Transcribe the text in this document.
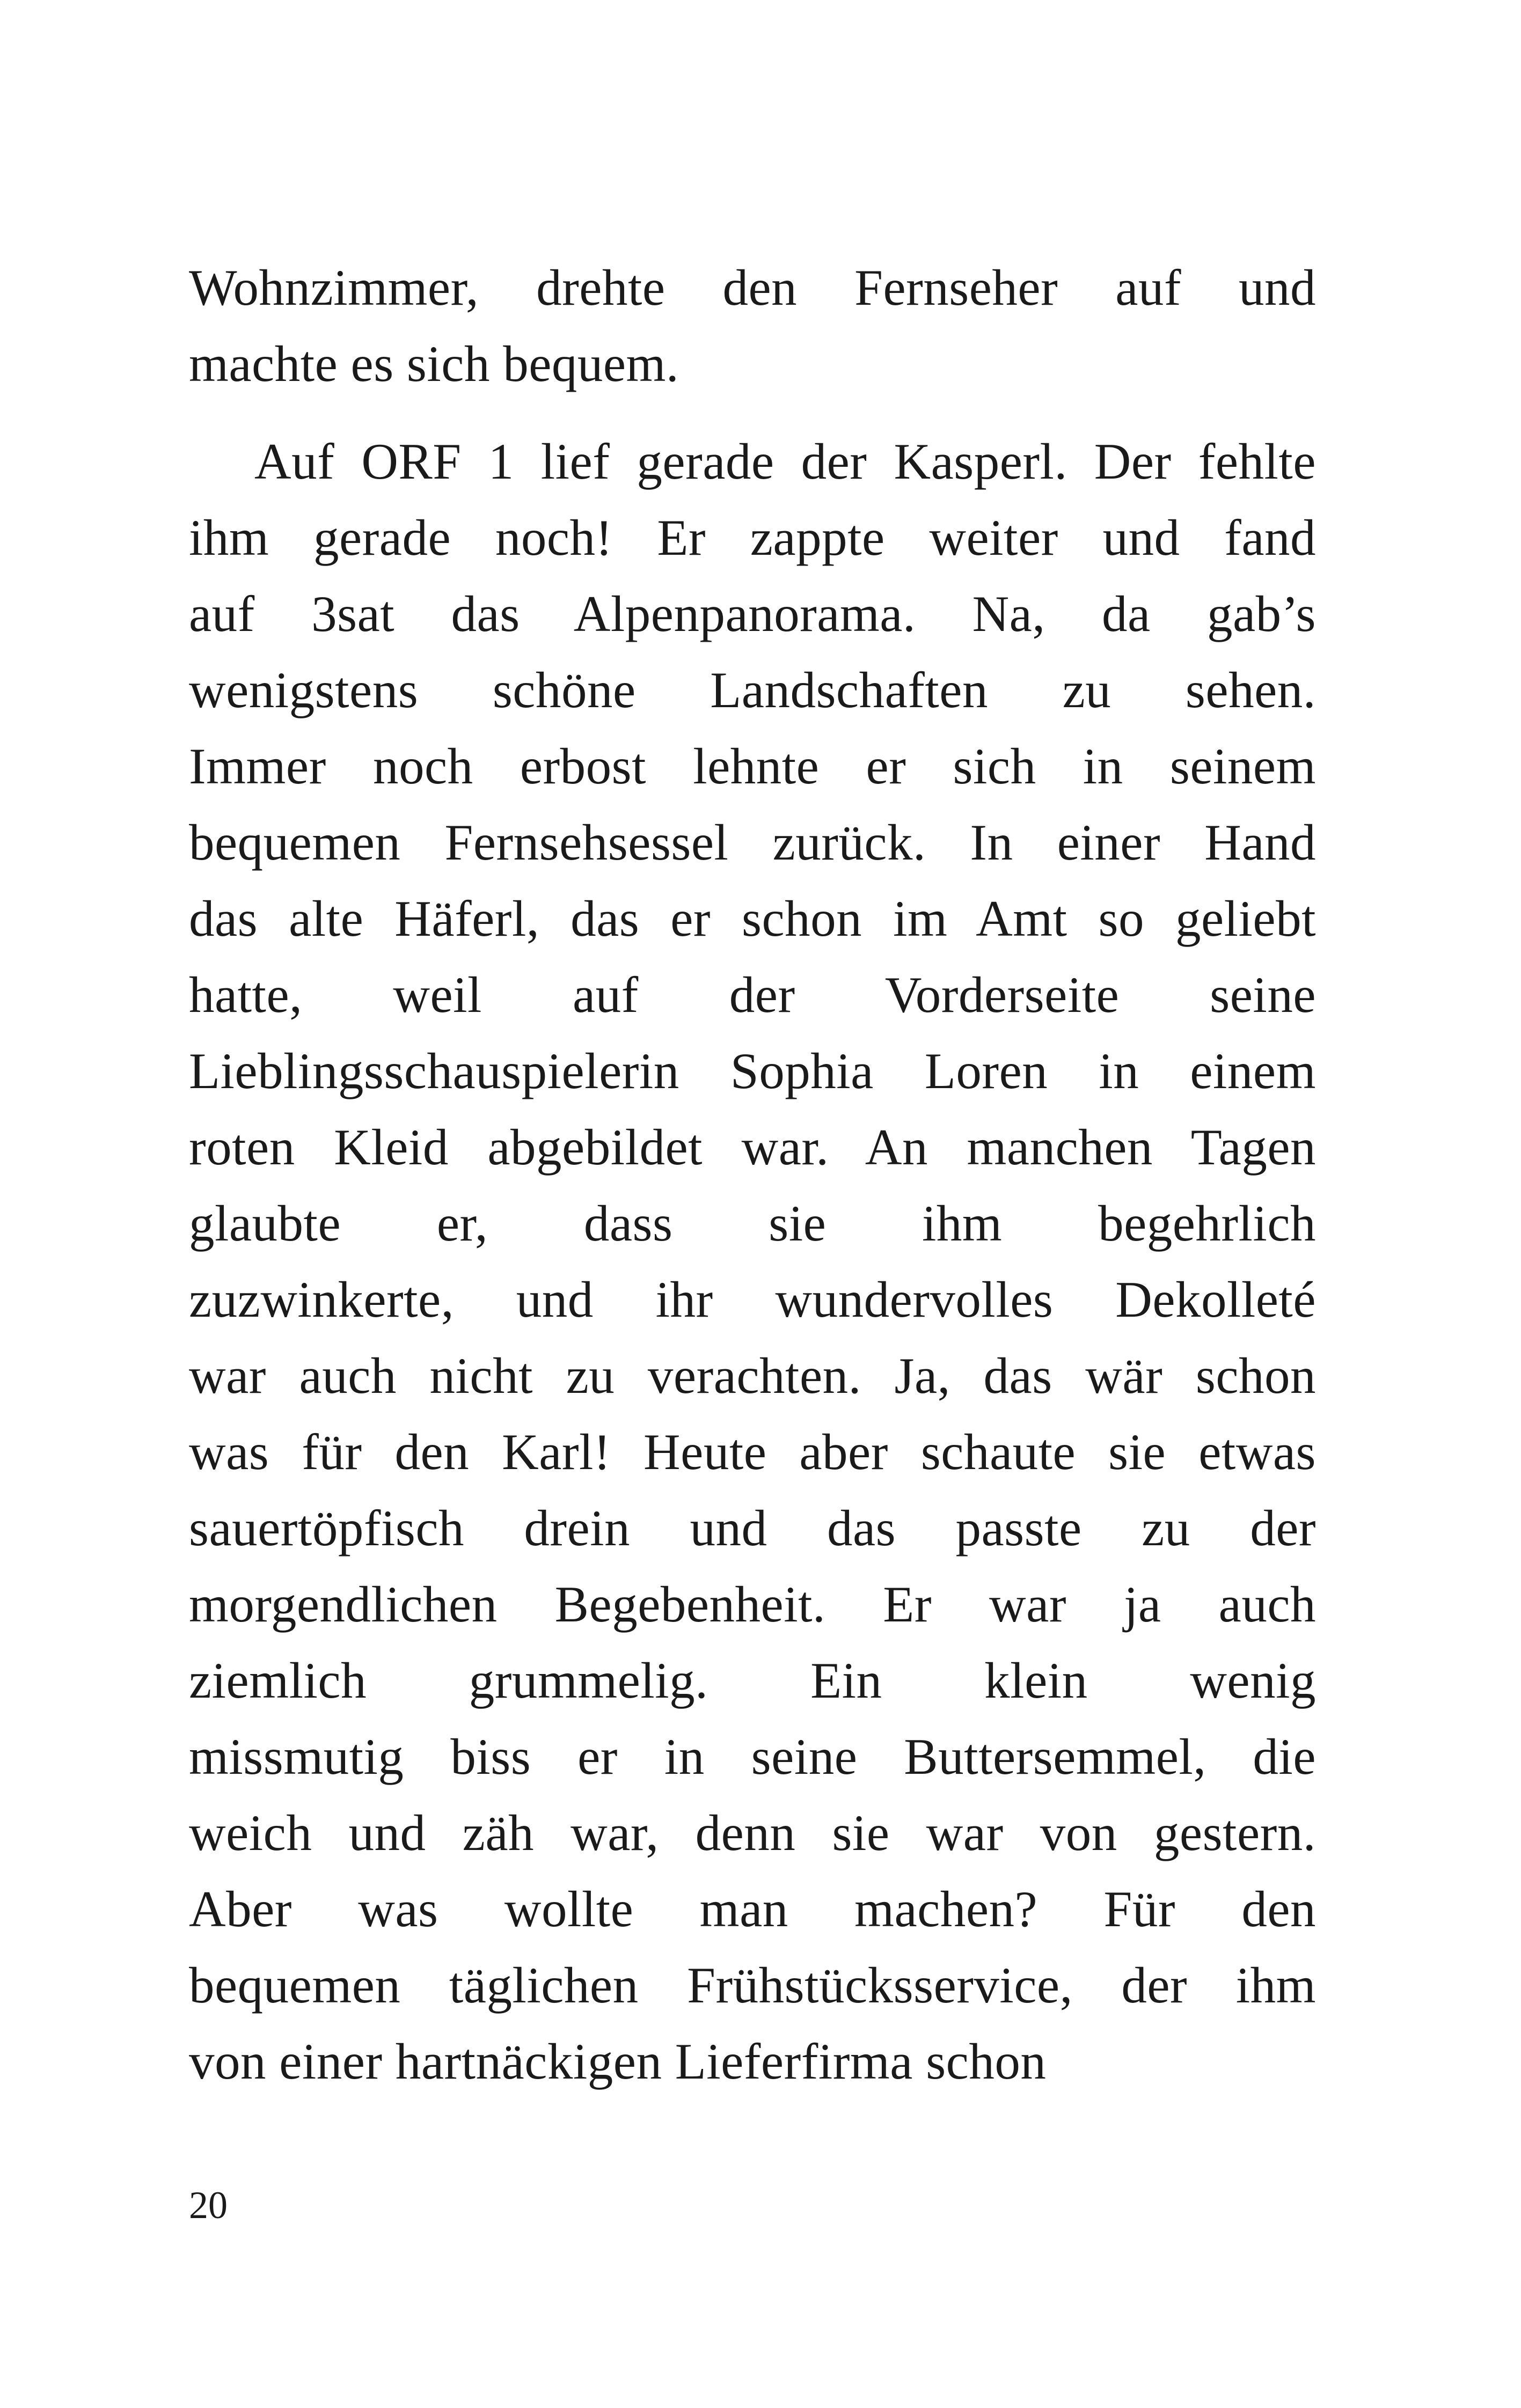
Wohnzimmer, drehte den Fernseher auf und
machte es sich bequem.
Auf ORF 1 lief gerade der Kasperl. Der fehlte
ihm gerade noch! Er zappte weiter und fand
auf 3sat das Alpenpanorama. Na, da gab’s
wenigstens schöne Landschaften zu sehen.
Immer noch erbost lehnte er sich in seinem
bequemen Fernsehsessel zurück. In einer Hand
das alte Häferl, das er schon im Amt so geliebt
hatte, weil auf der Vorderseite seine
Lieblingsschauspielerin Sophia Loren in einem
roten Kleid abgebildet war. An manchen Tagen
glaubte er, dass sie ihm begehrlich
zuzwinkerte, und ihr wundervolles Dekolleté
war auch nicht zu verachten. Ja, das wär schon
was für den Karl! Heute aber schaute sie etwas
sauertöpfisch drein und das passte zu der
morgendlichen Begebenheit. Er war ja auch
ziemlich grummelig. Ein klein wenig
missmutig biss er in seine Buttersemmel, die
weich und zäh war, denn sie war von gestern.
Aber was wollte man machen? Für den
bequemen täglichen Frühstücksservice, der ihm
von einer hartnäckigen Lieferfirma schon
20
